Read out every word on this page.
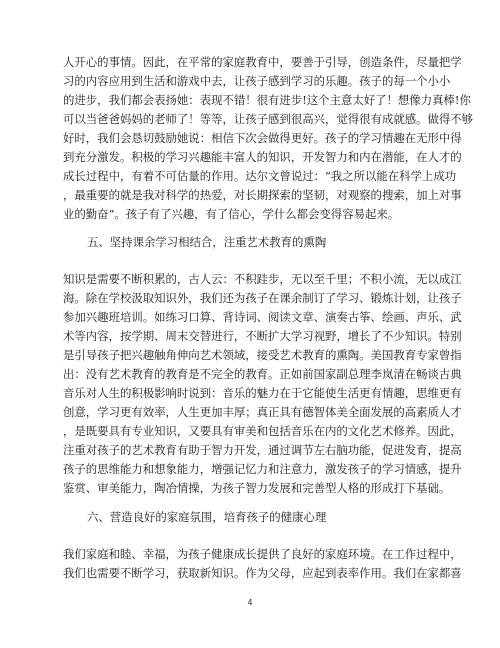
人开心的事情。因此，在平常的家庭教育中，要善于引导，创造条件，尽量把学
习的内容应用到生活和游戏中去，让孩子感到学习的乐趣。孩子的每一个小小
的进步，我们都会表扬她：表现不错！很有进步!这个主意太好了！想像力真棒!你
可以当爸爸妈妈的老师了！等等，让孩子感到很高兴，觉得很有成就感。做得不够
好时，我们会恳切鼓励她说：相信下次会做得更好。孩子的学习情趣在无形中得
到充分激发。积极的学习兴趣能丰富人的知识，开发智力和内在潜能，在人才的
成长过程中，有着不可估量的作用。达尔文曾说过：“我之所以能在科学上成功
，最重要的就是我对科学的热爱，对长期探索的坚韧，对观察的搜索，加上对事
业的勤奋”。孩子有了兴趣，有了信心，学什么都会变得容易起来。
五、坚持课余学习相结合，注重艺术教育的熏陶
知识是需要不断积累的，古人云：不积跬步，无以至千里；不积小流，无以成江
海。除在学校汲取知识外，我们还为孩子在课余制订了学习、锻炼计划，让孩子
参加兴趣班培训。如练习口算、背诗词、阅读文章、演奏古筝、绘画、声乐、武
术等内容，按学期、周末交替进行，不断扩大学习视野，增长了不少知识。特别
是引导孩子把兴趣触角伸向艺术领域，接受艺术教育的熏陶。美国教育专家曾指
出：没有艺术教育的教育是不完全的教育。正如前国家副总理李岚清在畅谈古典
音乐对人生的积极影响时说到：音乐的魅力在于它能使生活更有情趣，思维更有
创意，学习更有效率，人生更加丰厚；真正具有德智体美全面发展的高素质人才
，是既要具有专业知识，又要具有审美和包括音乐在内的文化艺术修养。因此，
注重对孩子的艺术教育有助于智力开发，通过调节左右脑功能，促进发育，提高
孩子的思维能力和想象能力，增强记忆力和注意力，激发孩子的学习情感，提升
鉴赏、审美能力，陶冶情操，为孩子智力发展和完善型人格的形成打下基础。
六、营造良好的家庭氛围，培育孩子的健康心理
我们家庭和睦、幸福，为孩子健康成长提供了良好的家庭环境。在工作过程中，
我们也需要不断学习，获取新知识。作为父母，应起到表率作用。我们在家都喜
4
